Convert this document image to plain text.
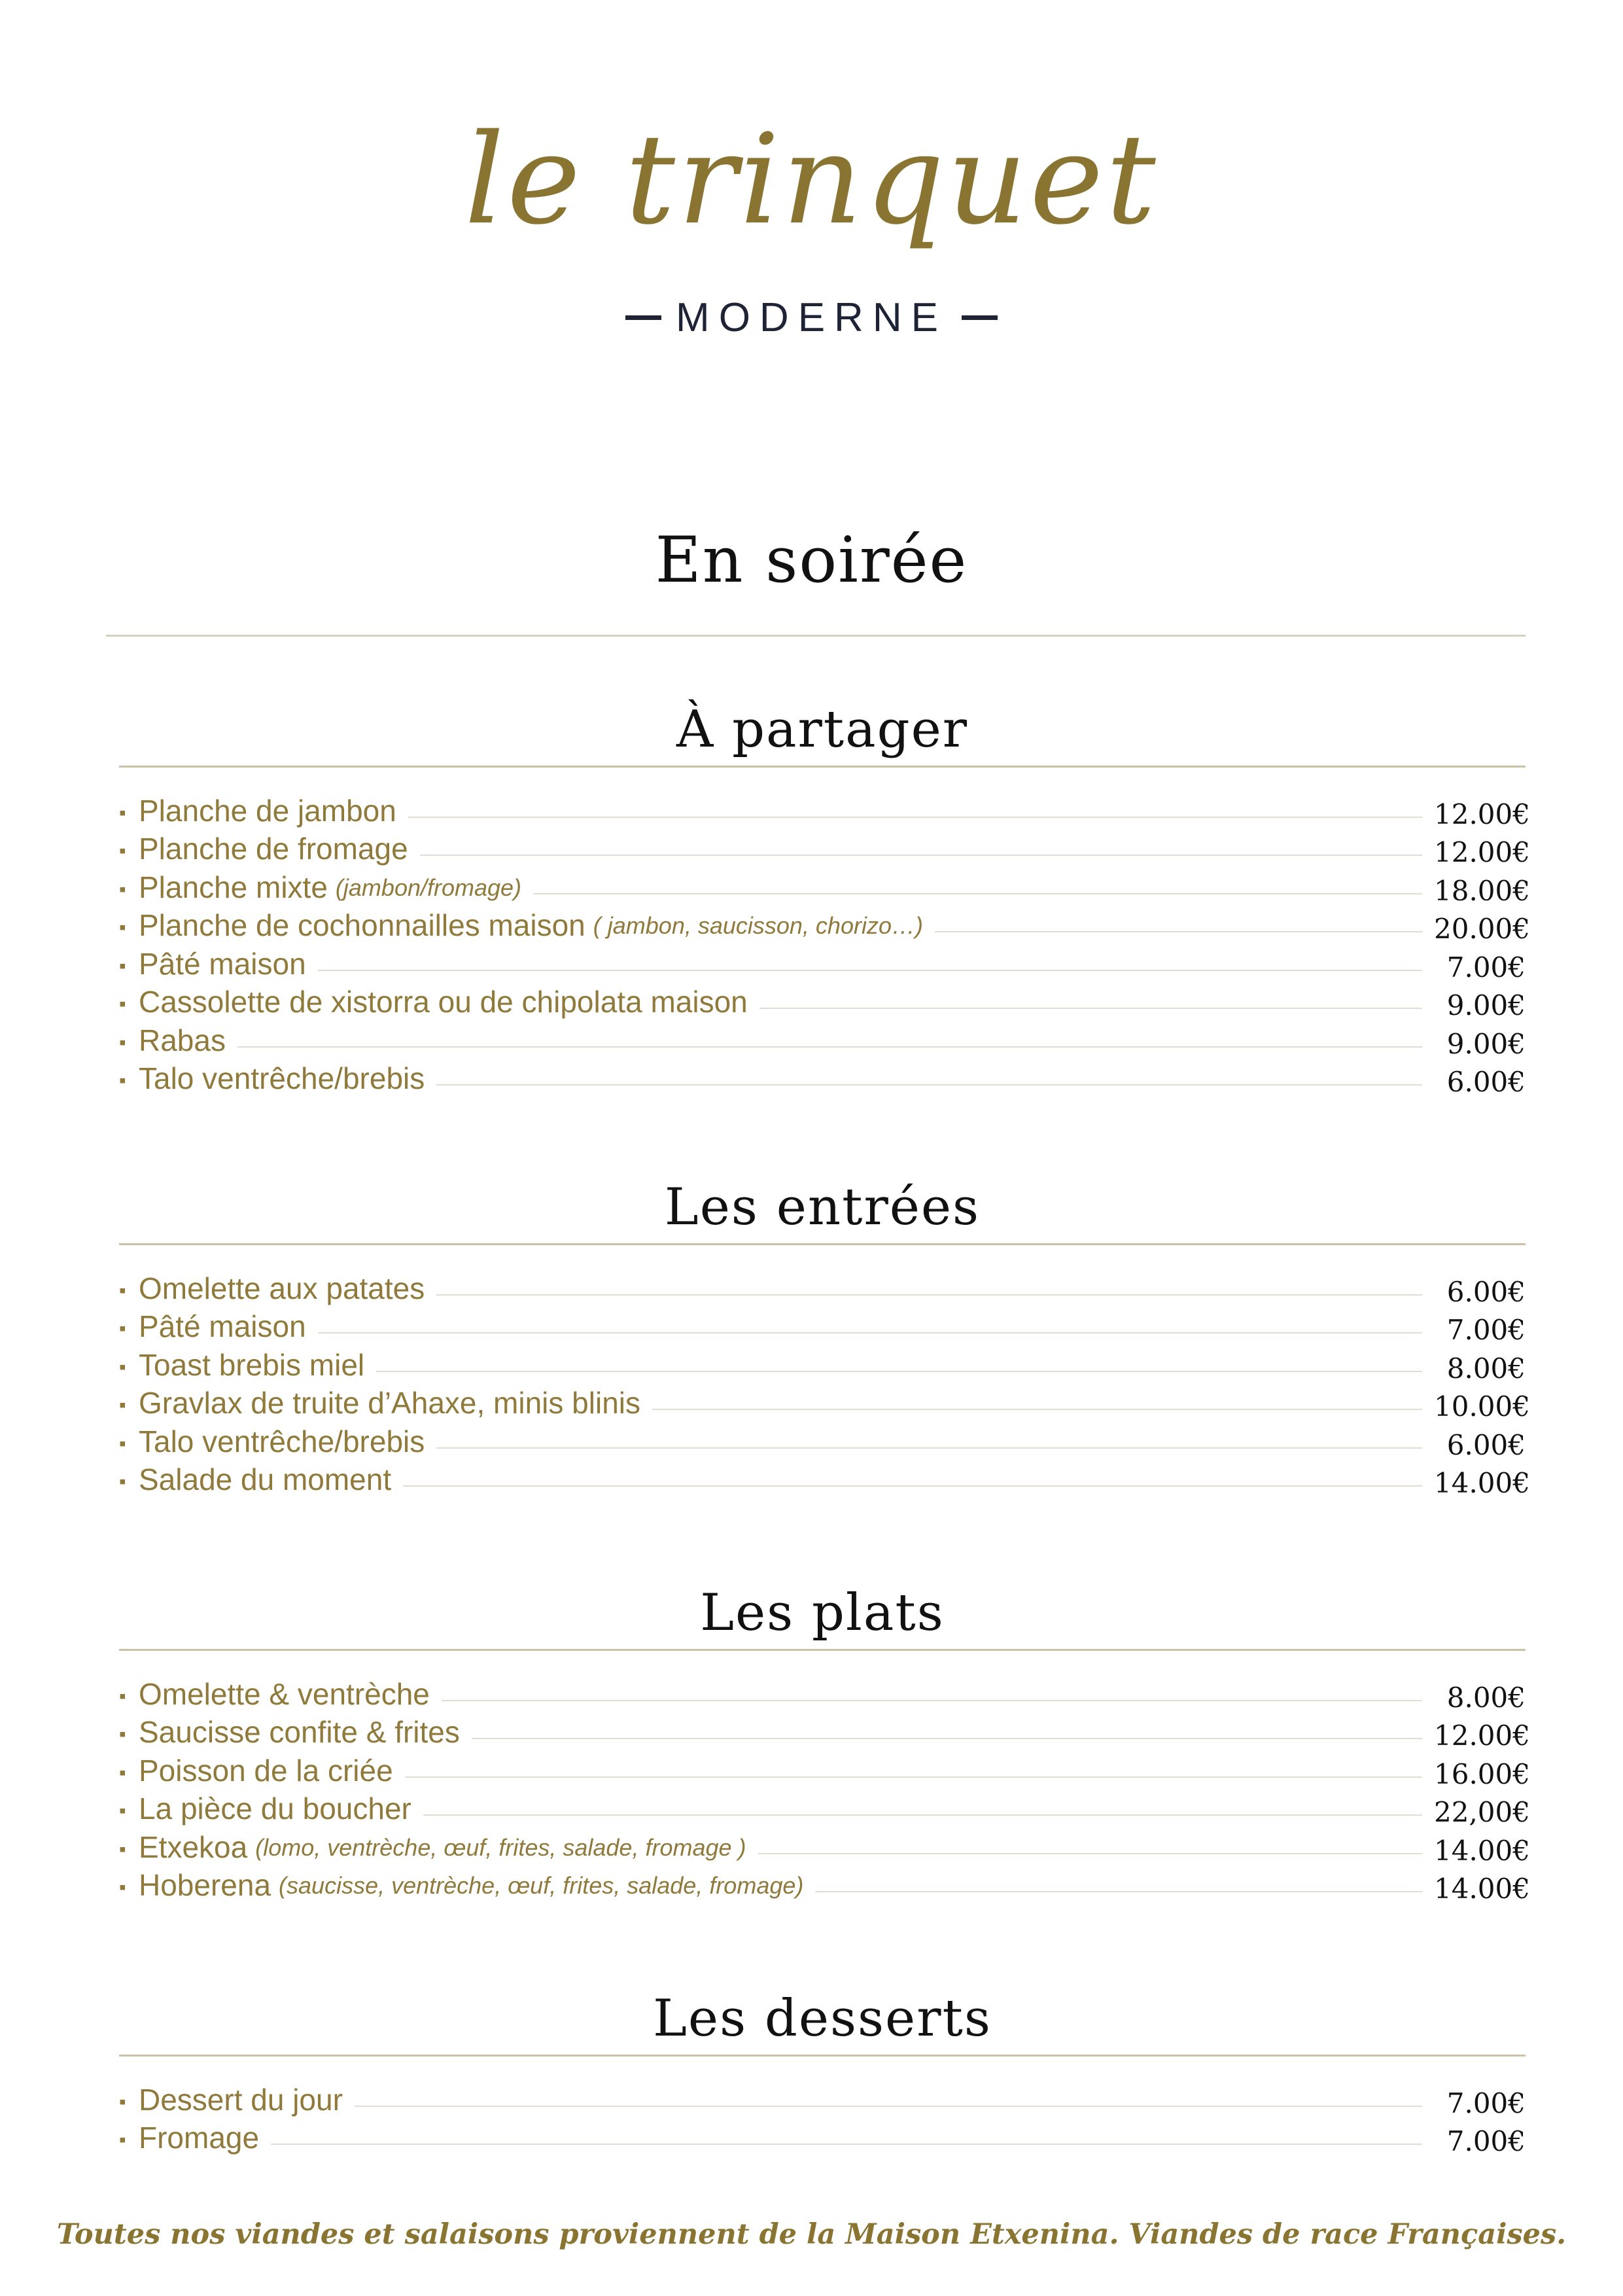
le trinquet
MODERNE
En soirée
À partager
▪ Planche de jambon	12.00€
▪ Planche de fromage	12.00€
▪ Planche mixte (jambon/fromage)	18.00€
▪ Planche de cochonnailles maison ( jambon, saucisson, chorizo…)	20.00€
▪ Pâté maison	7.00€
▪ Cassolette de xistorra ou de chipolata maison	9.00€
▪ Rabas	9.00€
▪ Talo ventrêche/brebis	6.00€
Les entrées
▪ Omelette aux patates	6.00€
▪ Pâté maison	7.00€
▪ Toast brebis miel	8.00€
▪ Gravlax de truite d’Ahaxe, minis blinis	10.00€
▪ Talo ventrêche/brebis	6.00€
▪ Salade du moment	14.00€
Les plats
▪ Omelette & ventrèche	8.00€
▪ Saucisse confite & frites	12.00€
▪ Poisson de la criée	16.00€
▪ La pièce du boucher	22,00€
▪ Etxekoa (lomo, ventrèche, œuf, frites, salade, fromage )	14.00€
▪ Hoberena (saucisse, ventrèche, œuf, frites, salade, fromage)	14.00€
Les desserts
▪ Dessert du jour	7.00€
▪ Fromage	7.00€
Toutes nos viandes et salaisons proviennent de la Maison Etxenina. Viandes de race Françaises.
